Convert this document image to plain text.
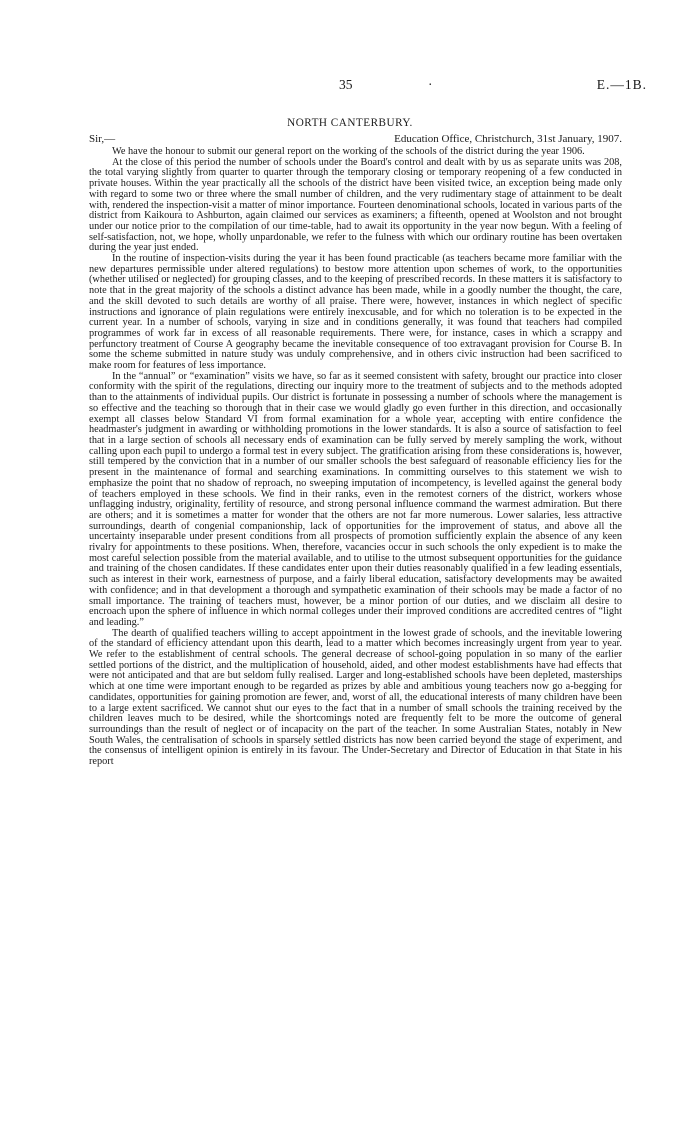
35	·	E.—1B.
NORTH CANTERBURY.
Sir,—	Education Office, Christchurch, 31st January, 1907.

We have the honour to submit our general report on the working of the schools of the district during the year 1906.

At the close of this period the number of schools under the Board's control and dealt with by us as separate units was 208, the total varying slightly from quarter to quarter through the temporary closing or temporary reopening of a few conducted in private houses. Within the year practically all the schools of the district have been visited twice, an exception being made only with regard to some two or three where the small number of children, and the very rudimentary stage of attainment to be dealt with, rendered the inspection-visit a matter of minor importance. Fourteen denominational schools, located in various parts of the district from Kaikoura to Ashburton, again claimed our services as examiners; a fifteenth, opened at Woolston and not brought under our notice prior to the compilation of our time-table, had to await its opportunity in the year now begun. With a feeling of self-satisfaction, not, we hope, wholly unpardonable, we refer to the fulness with which our ordinary routine has been overtaken during the year just ended.

In the routine of inspection-visits during the year it has been found practicable (as teachers became more familiar with the new departures permissible under altered regulations) to bestow more attention upon schemes of work, to the opportunities (whether utilised or neglected) for grouping classes, and to the keeping of prescribed records. In these matters it is satisfactory to note that in the great majority of the schools a distinct advance has been made, while in a goodly number the thought, the care, and the skill devoted to such details are worthy of all praise. There were, however, instances in which neglect of specific instructions and ignorance of plain regulations were entirely inexcusable, and for which no toleration is to be expected in the current year. In a number of schools, varying in size and in conditions generally, it was found that teachers had compiled programmes of work far in excess of all reasonable requirements. There were, for instance, cases in which a scrappy and perfunctory treatment of Course A geography became the inevitable consequence of too extravagant provision for Course B. In some the scheme submitted in nature study was unduly comprehensive, and in others civic instruction had been sacrificed to make room for features of less importance.

In the “annual” or “examination” visits we have, so far as it seemed consistent with safety, brought our practice into closer conformity with the spirit of the regulations, directing our inquiry more to the treatment of subjects and to the methods adopted than to the attainments of individual pupils. Our district is fortunate in possessing a number of schools where the management is so effective and the teaching so thorough that in their case we would gladly go even further in this direction, and occasionally exempt all classes below Standard VI from formal examination for a whole year, accepting with entire confidence the headmaster's judgment in awarding or withholding promotions in the lower standards. It is also a source of satisfaction to feel that in a large section of schools all necessary ends of examination can be fully served by merely sampling the work, without calling upon each pupil to undergo a formal test in every subject. The gratification arising from these considerations is, however, still tempered by the conviction that in a number of our smaller schools the best safeguard of reasonable efficiency lies for the present in the maintenance of formal and searching examinations. In committing ourselves to this statement we wish to emphasize the point that no shadow of reproach, no sweeping imputation of incompetency, is levelled against the general body of teachers employed in these schools. We find in their ranks, even in the remotest corners of the district, workers whose unflagging industry, originality, fertility of resource, and strong personal influence command the warmest admiration. But there are others; and it is sometimes a matter for wonder that the others are not far more numerous. Lower salaries, less attractive surroundings, dearth of congenial companionship, lack of opportunities for the improvement of status, and above all the uncertainty inseparable under present conditions from all prospects of promotion sufficiently explain the absence of any keen rivalry for appointments to these positions. When, therefore, vacancies occur in such schools the only expedient is to make the most careful selection possible from the material available, and to utilise to the utmost subsequent opportunities for the guidance and training of the chosen candidates. If these candidates enter upon their duties reasonably qualified in a few leading essentials, such as interest in their work, earnestness of purpose, and a fairly liberal education, satisfactory developments may be awaited with confidence; and in that development a thorough and sympathetic examination of their schools may be made a factor of no small importance. The training of teachers must, however, be a minor portion of our duties, and we disclaim all desire to encroach upon the sphere of influence in which normal colleges under their improved conditions are accredited centres of “light and leading.”

The dearth of qualified teachers willing to accept appointment in the lowest grade of schools, and the inevitable lowering of the standard of efficiency attendant upon this dearth, lead to a matter which becomes increasingly urgent from year to year. We refer to the establishment of central schools. The general decrease of school-going population in so many of the earlier settled portions of the district, and the multiplication of household, aided, and other modest establishments have had effects that were not anticipated and that are but seldom fully realised. Larger and long-established schools have been depleted, masterships which at one time were important enough to be regarded as prizes by able and ambitious young teachers now go a-begging for candidates, opportunities for gaining promotion are fewer, and, worst of all, the educational interests of many children have been to a large extent sacrificed. We cannot shut our eyes to the fact that in a number of small schools the training received by the children leaves much to be desired, while the shortcomings noted are frequently felt to be more the outcome of general surroundings than the result of neglect or of incapacity on the part of the teacher. In some Australian States, notably in New South Wales, the centralisation of schools in sparsely settled districts has now been carried beyond the stage of experiment, and the consensus of intelligent opinion is entirely in its favour. The Under-Secretary and Director of Education in that State in his report
